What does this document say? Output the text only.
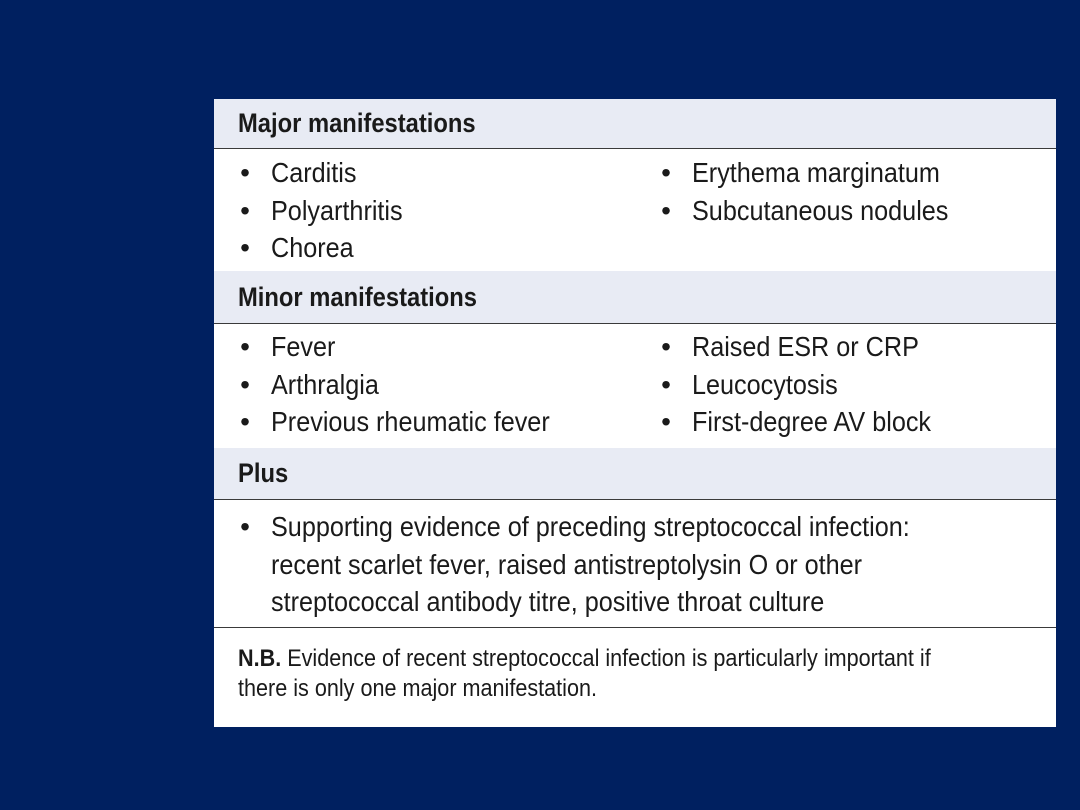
Major manifestations
• Carditis
• Polyarthritis
• Chorea
• Erythema marginatum
• Subcutaneous nodules
Minor manifestations
• Fever
• Arthralgia
• Previous rheumatic fever
• Raised ESR or CRP
• Leucocytosis
• First-degree AV block
Plus
• Supporting evidence of preceding streptococcal infection:
recent scarlet fever, raised antistreptolysin O or other
streptococcal antibody titre, positive throat culture
N.B. Evidence of recent streptococcal infection is particularly important if
there is only one major manifestation.
